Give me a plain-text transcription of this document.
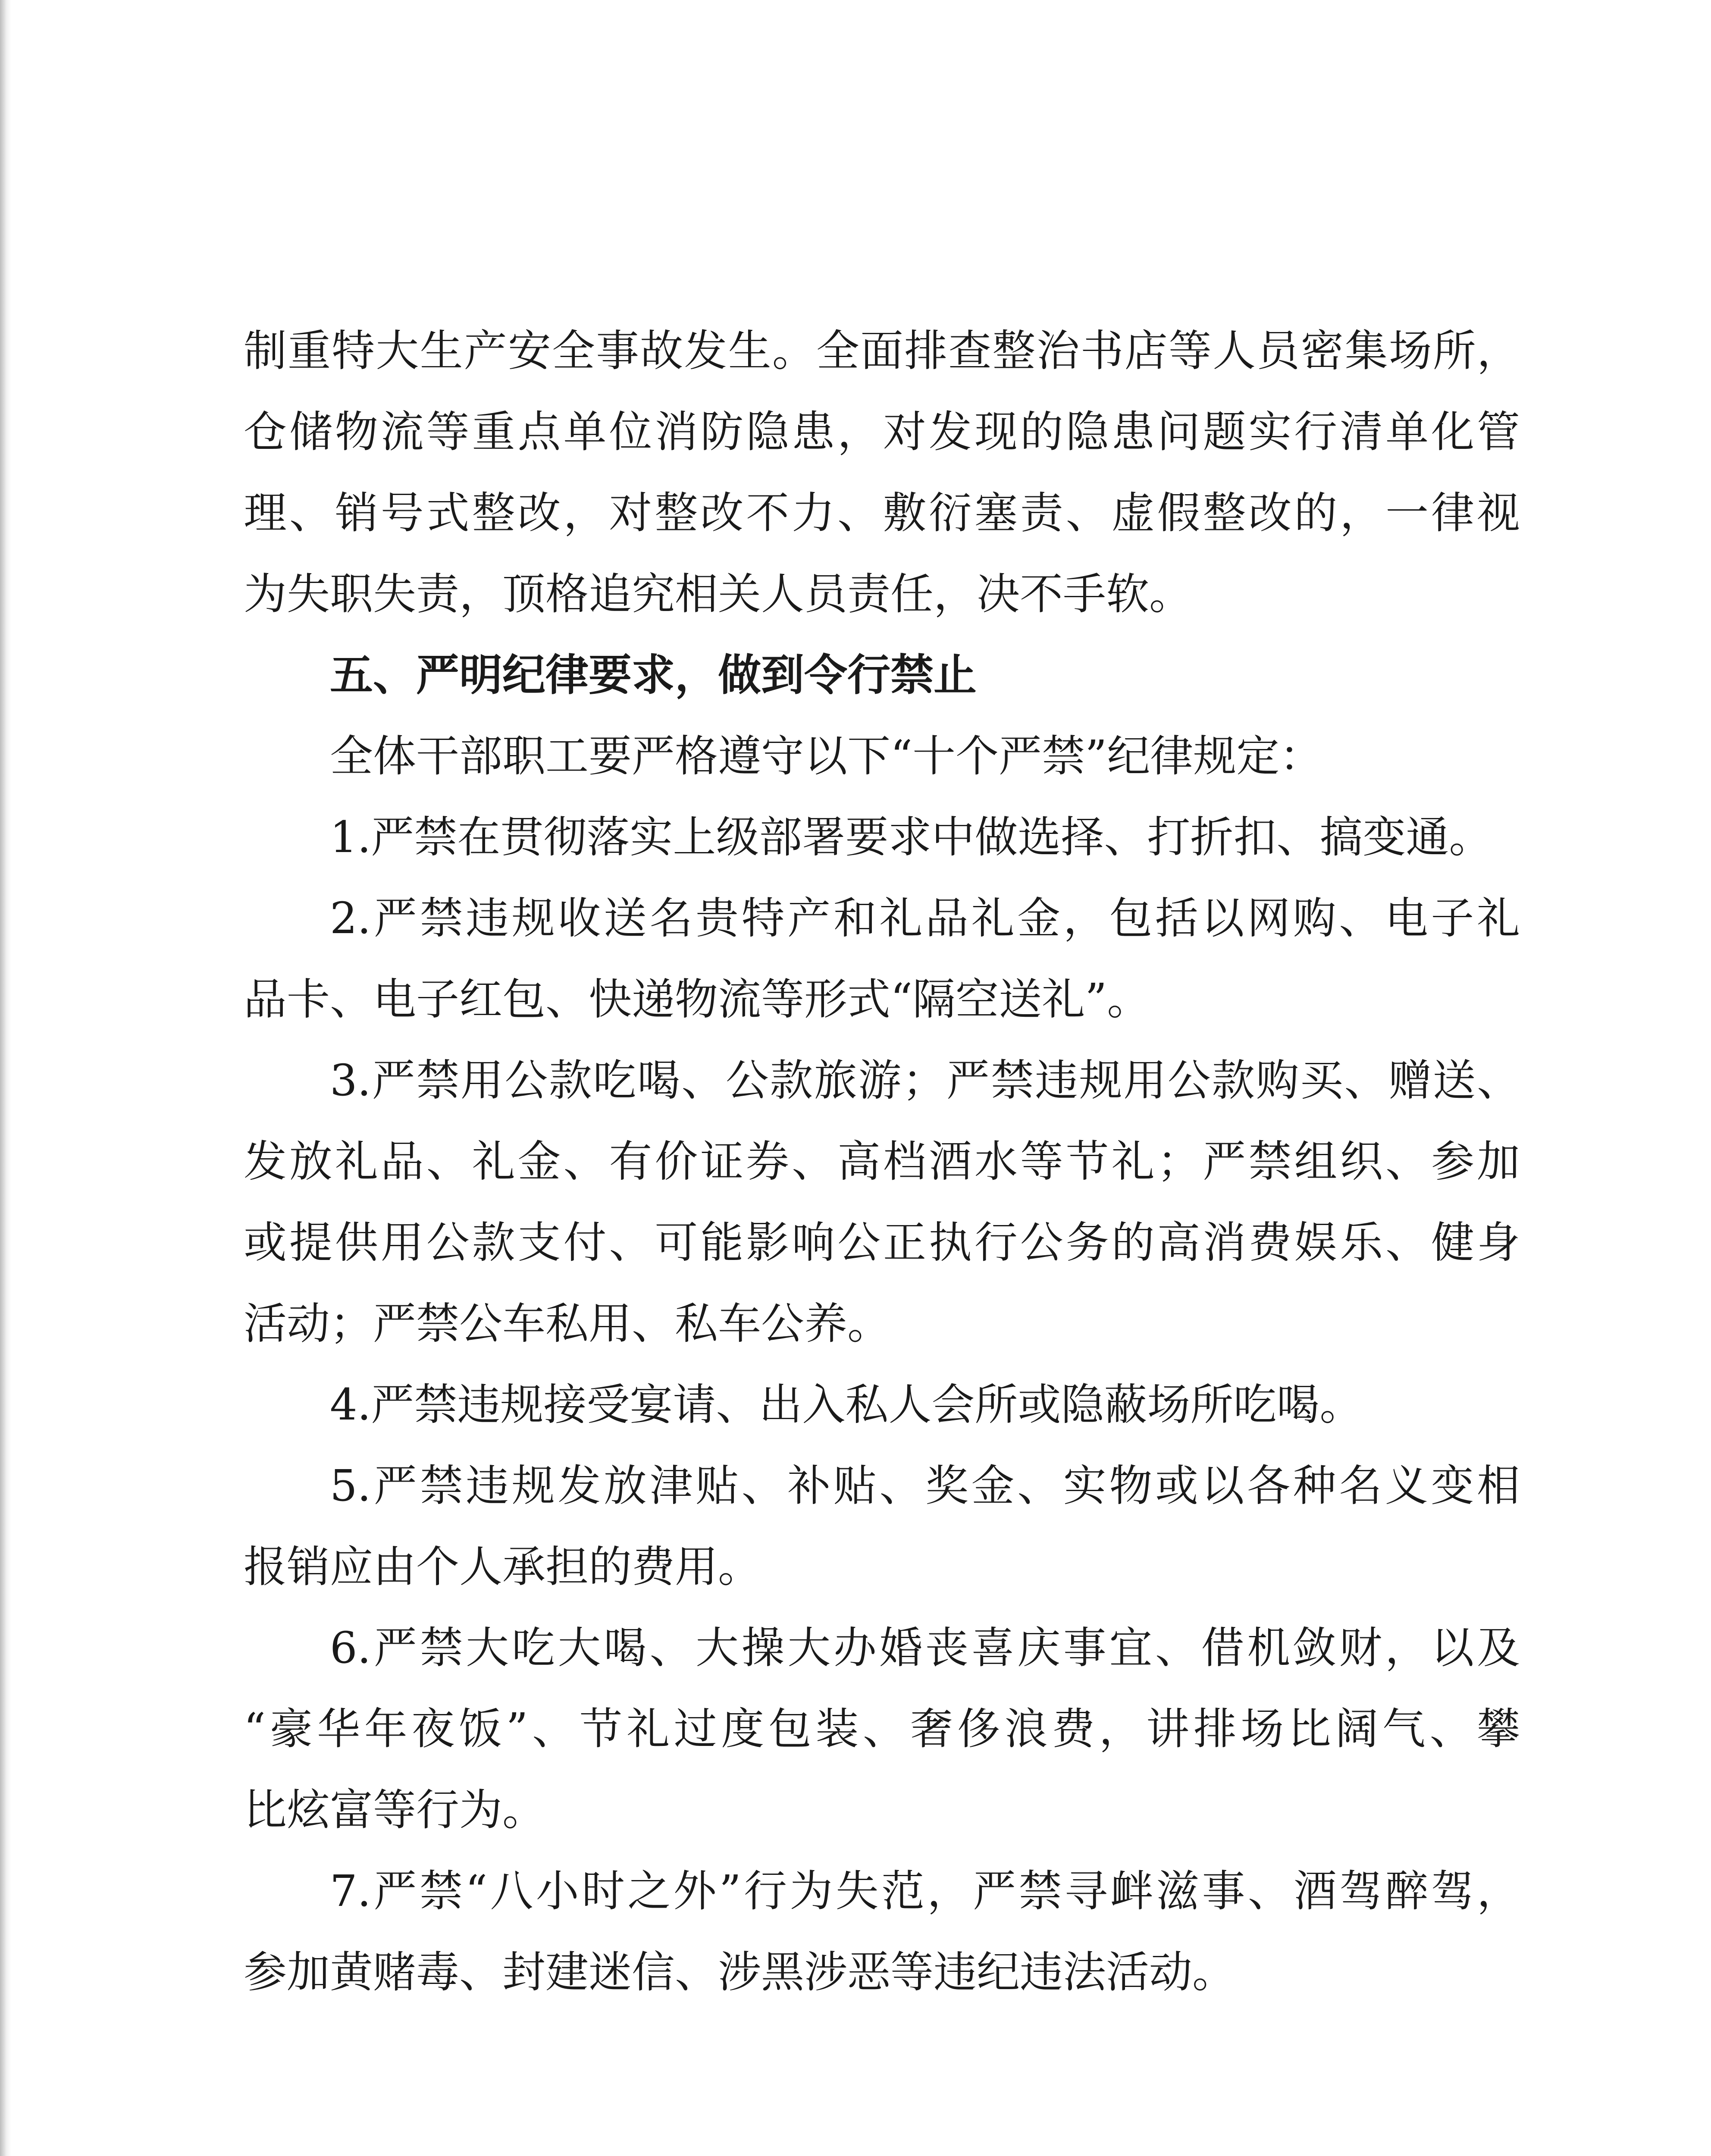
制重特大生产安全事故发生。全面排查整治书店等人员密集场所，

仓储物流等重点单位消防隐患，对发现的隐患问题实行清单化管

理、销号式整改，对整改不力、敷衍塞责、虚假整改的，一律视

为失职失责，顶格追究相关人员责任，决不手软。

五、严明纪律要求，做到令行禁止

全体干部职工要严格遵守以下“十个严禁”纪律规定：

1.严禁在贯彻落实上级部署要求中做选择、打折扣、搞变通。

2.严禁违规收送名贵特产和礼品礼金，包括以网购、电子礼

品卡、电子红包、快递物流等形式“隔空送礼”。

3.严禁用公款吃喝、公款旅游；严禁违规用公款购买、赠送、

发放礼品、礼金、有价证券、高档酒水等节礼；严禁组织、参加

或提供用公款支付、可能影响公正执行公务的高消费娱乐、健身

活动；严禁公车私用、私车公养。

4.严禁违规接受宴请、出入私人会所或隐蔽场所吃喝。

5.严禁违规发放津贴、补贴、奖金、实物或以各种名义变相

报销应由个人承担的费用。

6.严禁大吃大喝、大操大办婚丧喜庆事宜、借机敛财，以及

“豪华年夜饭”、节礼过度包装、奢侈浪费，讲排场比阔气、攀

比炫富等行为。

7.严禁“八小时之外”行为失范，严禁寻衅滋事、酒驾醉驾，

参加黄赌毒、封建迷信、涉黑涉恶等违纪违法活动。
